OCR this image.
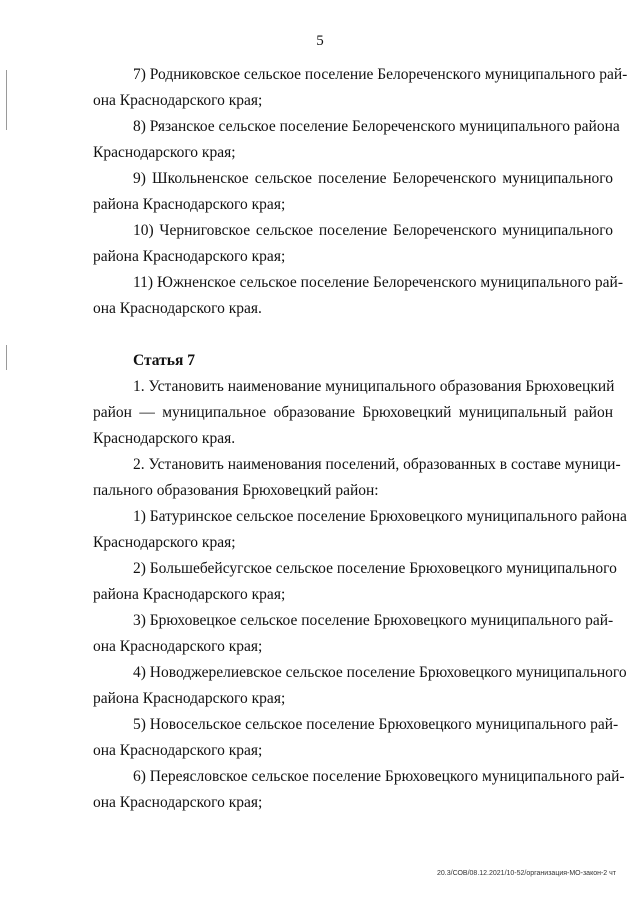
5
7) Родниковское сельское поселение Белореченского муниципального рай-
она Краснодарского края;
8) Рязанское сельское поселение Белореченского муниципального района
Краснодарского края;
9) Школьненское сельское поселение Белореченского муниципального
района Краснодарского края;
10) Черниговское сельское поселение Белореченского муниципального
района Краснодарского края;
11) Южненское сельское поселение Белореченского муниципального рай-
она Краснодарского края.

Статья 7

1. Установить наименование муниципального образования Брюховецкий
район — муниципальное образование Брюховецкий муниципальный район
Краснодарского края.
2. Установить наименования поселений, образованных в составе муници-
пального образования Брюховецкий район:
1) Батуринское сельское поселение Брюховецкого муниципального района
Краснодарского края;
2) Большебейсугское сельское поселение Брюховецкого муниципального
района Краснодарского края;
3) Брюховецкое сельское поселение Брюховецкого муниципального рай-
она Краснодарского края;
4) Новоджерелиевское сельское поселение Брюховецкого муниципального
района Краснодарского края;
5) Новосельское сельское поселение Брюховецкого муниципального рай-
она Краснодарского края;
6) Переясловское сельское поселение Брюховецкого муниципального рай-
она Краснодарского края;
20.3/СОВ/08.12.2021/10-52/организация-МО-закон-2 чт
